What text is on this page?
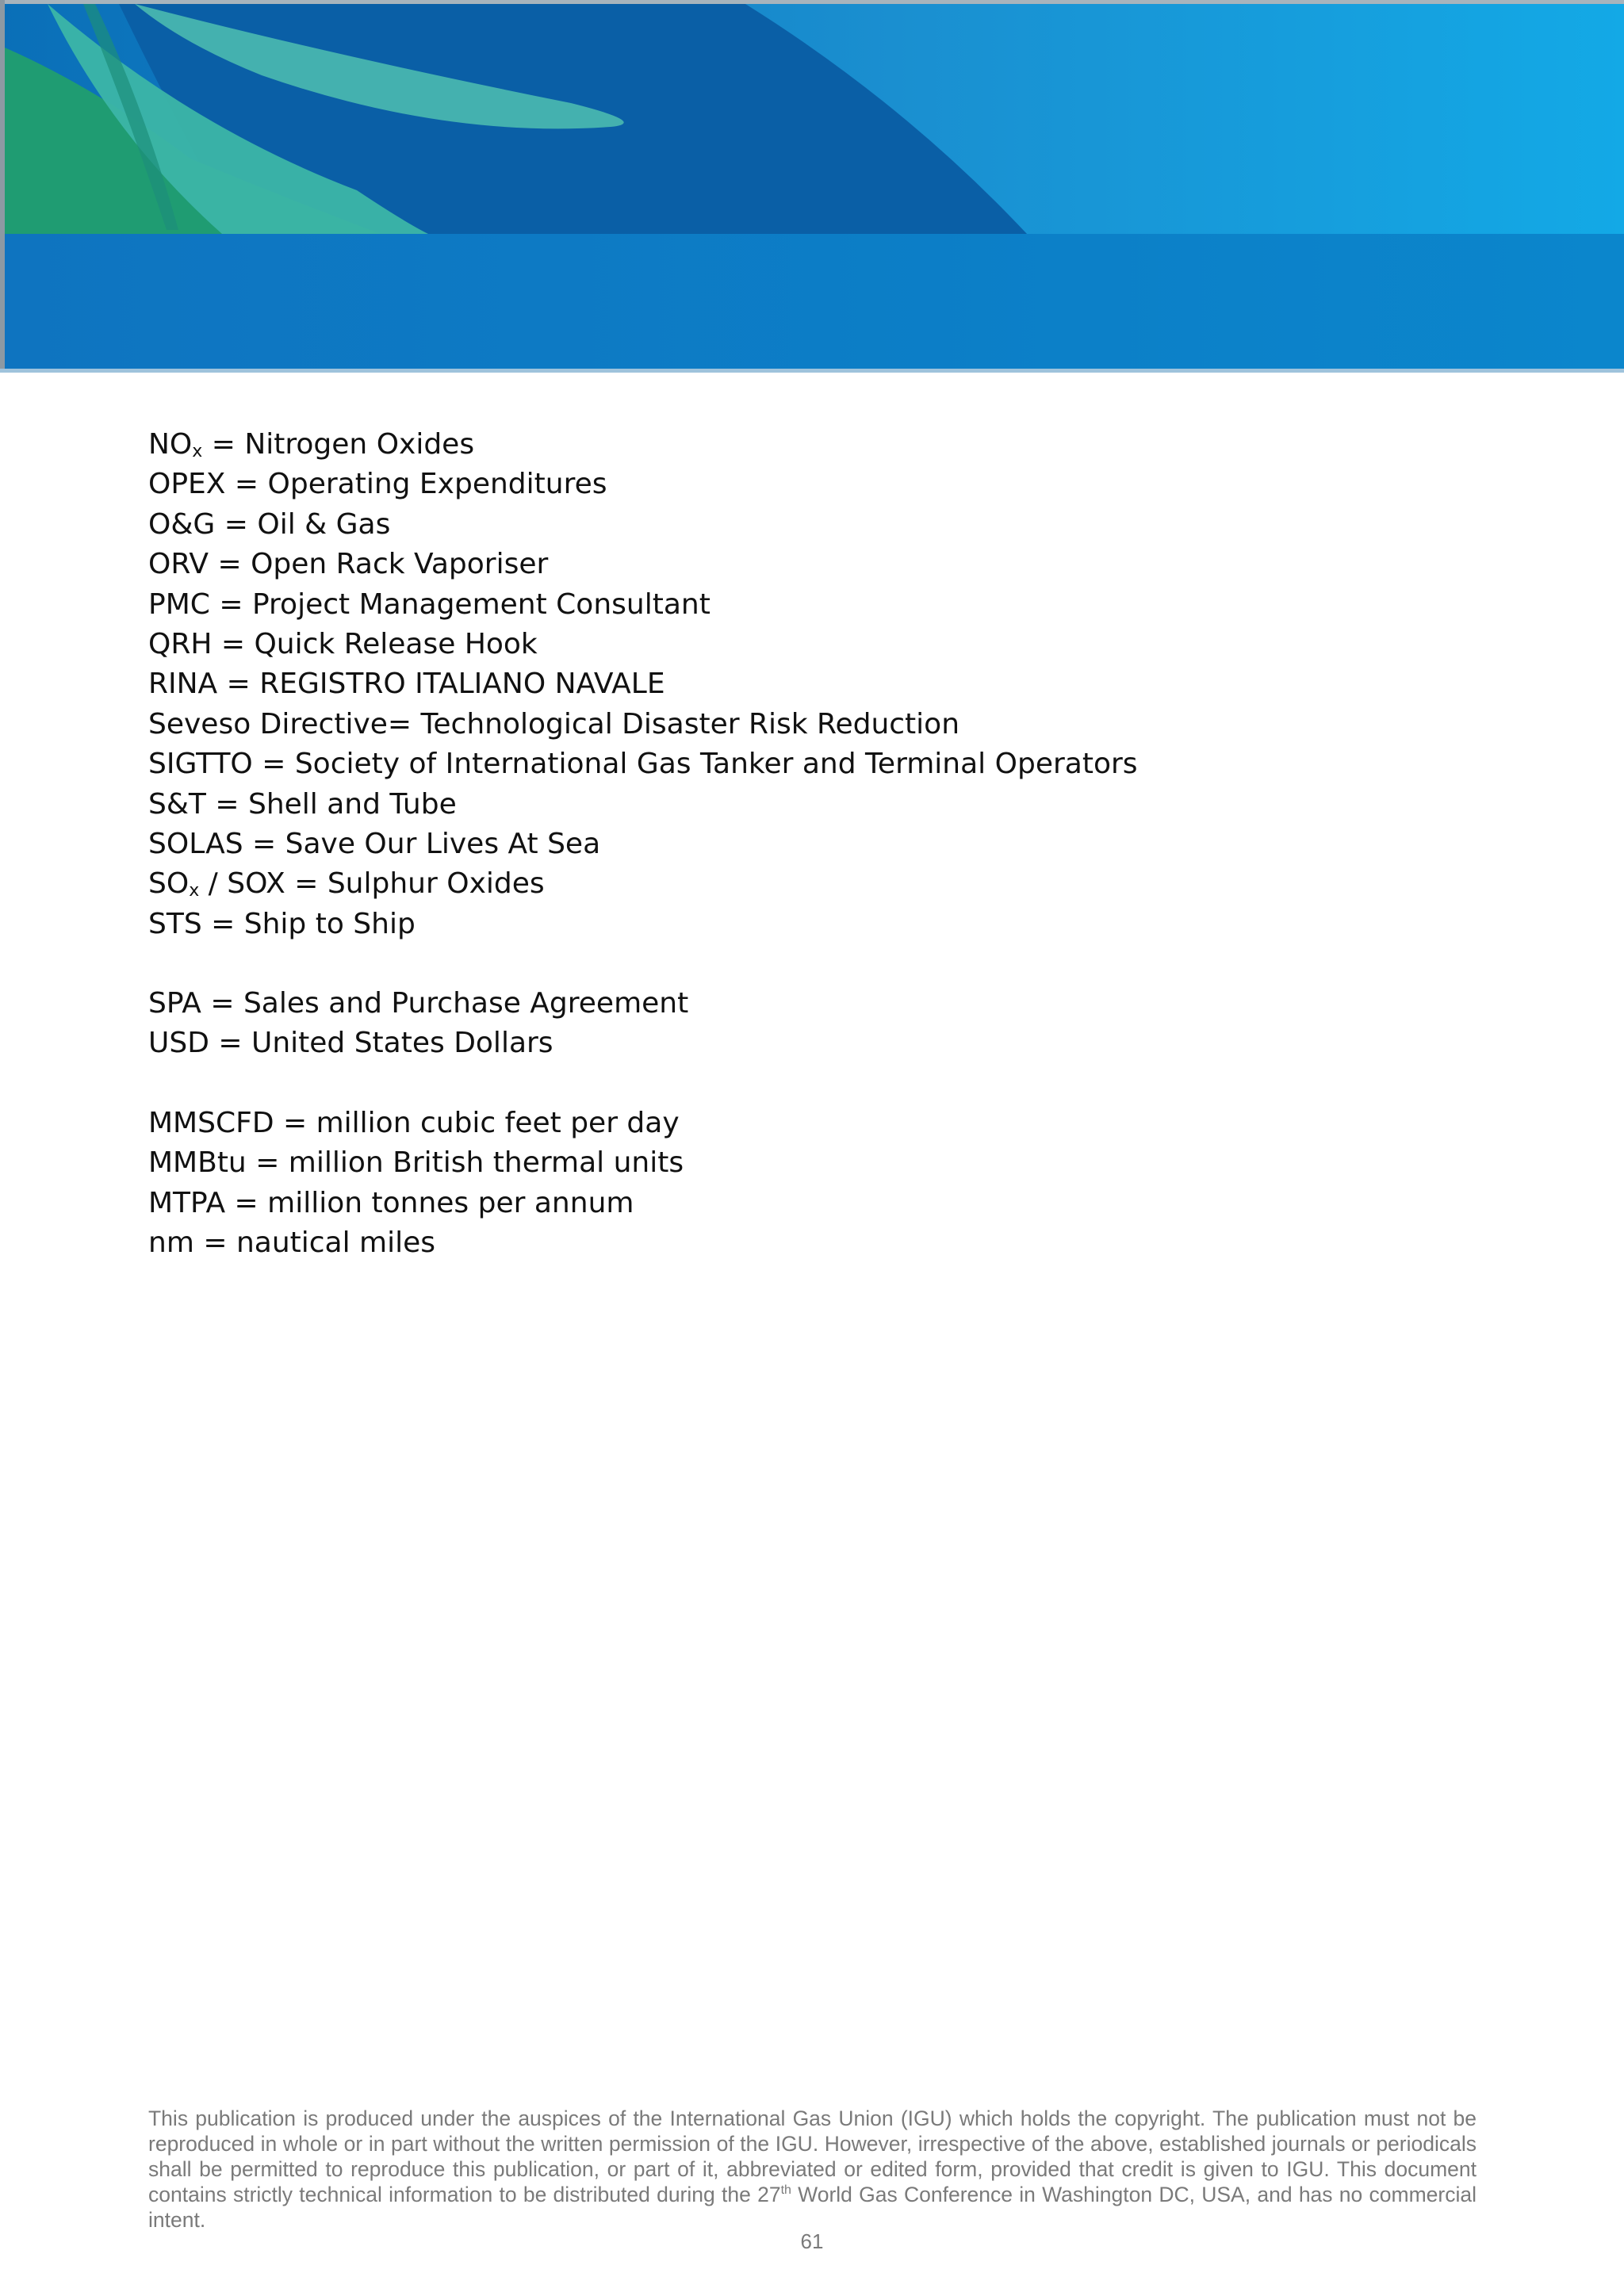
$NO_x$ = Nitrogen Oxides
OPEX = Operating Expenditures
O&G = Oil & Gas
ORV = Open Rack Vaporiser
PMC = Project Management Consultant
QRH = Quick Release Hook
RINA = REGISTRO ITALIANO NAVALE
Seveso Directive= Technological Disaster Risk Reduction
SIGTTO = Society of International Gas Tanker and Terminal Operators
S&T = Shell and Tube
SOLAS = Save Our Lives At Sea
$SO_x$ / SOX = Sulphur Oxides
STS = Ship to Ship
SPA = Sales and Purchase Agreement
USD = United States Dollars
MMSCFD = million cubic feet per day
MMBtu = million British thermal units
MTPA = million tonnes per annum
nm = nautical miles
This publication is produced under the auspices of the International Gas Union (IGU) which holds the copyright. The publication must not be reproduced in whole or in part without the written permission of the IGU. However, irrespective of the above, established journals or periodicals shall be permitted to reproduce this publication, or part of it, abbreviated or edited form, provided that credit is given to IGU. This document contains strictly technical information to be distributed during the 27th World Gas Conference in Washington DC, USA, and has no commercial intent.
61
